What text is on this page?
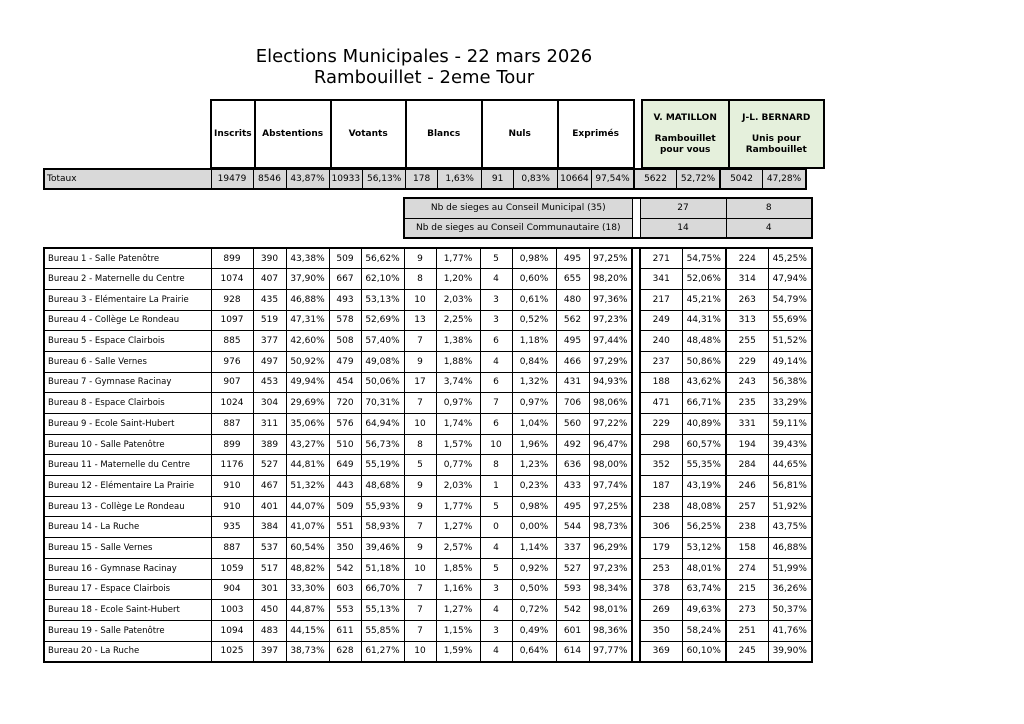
Elections Municipales - 22 mars 2026
Rambouillet - 2eme Tour
Inscrits	Abstentions	Votants	Blancs	Nuls	Exprimés		
V. MATILLON
Rambouillet pour vous

J-L. BERNARD
Unis pour Rambouillet
Totaux	19479	8546	43,87%	10933	56,13%	178	1,63%	91	0,83%	10664	97,54%	5622	52,72%	5042	47,28%
Nb de sieges au Conseil Municipal (35)		27	8
Nb de sieges au Conseil Communautaire (18)		14	4
Bureau 1 - Salle Patenôtre	899	390	43,38%	509	56,62%	9	1,77%	5	0,98%	495	97,25%		271	54,75%	224	45,25%
Bureau 2 - Maternelle du Centre	1074	407	37,90%	667	62,10%	8	1,20%	4	0,60%	655	98,20%		341	52,06%	314	47,94%
Bureau 3 - Elémentaire La Prairie	928	435	46,88%	493	53,13%	10	2,03%	3	0,61%	480	97,36%		217	45,21%	263	54,79%
Bureau 4 - Collège Le Rondeau	1097	519	47,31%	578	52,69%	13	2,25%	3	0,52%	562	97,23%		249	44,31%	313	55,69%
Bureau 5 - Espace Clairbois	885	377	42,60%	508	57,40%	7	1,38%	6	1,18%	495	97,44%		240	48,48%	255	51,52%
Bureau 6 - Salle Vernes	976	497	50,92%	479	49,08%	9	1,88%	4	0,84%	466	97,29%		237	50,86%	229	49,14%
Bureau 7 - Gymnase Racinay	907	453	49,94%	454	50,06%	17	3,74%	6	1,32%	431	94,93%		188	43,62%	243	56,38%
Bureau 8 - Espace Clairbois	1024	304	29,69%	720	70,31%	7	0,97%	7	0,97%	706	98,06%		471	66,71%	235	33,29%
Bureau 9 - Ecole Saint-Hubert	887	311	35,06%	576	64,94%	10	1,74%	6	1,04%	560	97,22%		229	40,89%	331	59,11%
Bureau 10 - Salle Patenôtre	899	389	43,27%	510	56,73%	8	1,57%	10	1,96%	492	96,47%		298	60,57%	194	39,43%
Bureau 11 - Maternelle du Centre	1176	527	44,81%	649	55,19%	5	0,77%	8	1,23%	636	98,00%		352	55,35%	284	44,65%
Bureau 12 - Elémentaire La Prairie	910	467	51,32%	443	48,68%	9	2,03%	1	0,23%	433	97,74%		187	43,19%	246	56,81%
Bureau 13 - Collège Le Rondeau	910	401	44,07%	509	55,93%	9	1,77%	5	0,98%	495	97,25%		238	48,08%	257	51,92%
Bureau 14 - La Ruche	935	384	41,07%	551	58,93%	7	1,27%	0	0,00%	544	98,73%		306	56,25%	238	43,75%
Bureau 15 - Salle Vernes	887	537	60,54%	350	39,46%	9	2,57%	4	1,14%	337	96,29%		179	53,12%	158	46,88%
Bureau 16 - Gymnase Racinay	1059	517	48,82%	542	51,18%	10	1,85%	5	0,92%	527	97,23%		253	48,01%	274	51,99%
Bureau 17 - Espace Clairbois	904	301	33,30%	603	66,70%	7	1,16%	3	0,50%	593	98,34%		378	63,74%	215	36,26%
Bureau 18 - Ecole Saint-Hubert	1003	450	44,87%	553	55,13%	7	1,27%	4	0,72%	542	98,01%		269	49,63%	273	50,37%
Bureau 19 - Salle Patenôtre	1094	483	44,15%	611	55,85%	7	1,15%	3	0,49%	601	98,36%		350	58,24%	251	41,76%
Bureau 20 - La Ruche	1025	397	38,73%	628	61,27%	10	1,59%	4	0,64%	614	97,77%		369	60,10%	245	39,90%
